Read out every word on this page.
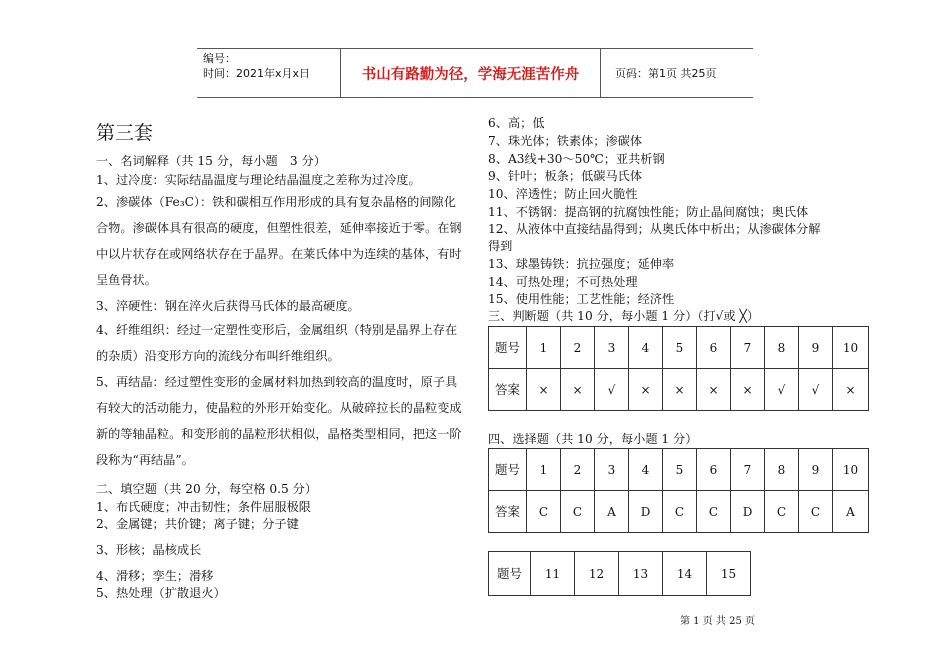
编号：
时间：2021年x月x日	书山有路勤为径，学海无涯苦作舟	页码：第1页 共25页
第三套
一、名词解释（共 15 分，每小题　3 分）
1、过冷度：实际结晶温度与理论结晶温度之差称为过冷度。
2、渗碳体（Fe₃C）：铁和碳相互作用形成的具有复杂晶格的间隙化合物。渗碳体具有很高的硬度，但塑性很差，延伸率接近于零。在钢中以片状存在或网络状存在于晶界。在莱氏体中为连续的基体，有时呈鱼骨状。
3、淬硬性：钢在淬火后获得马氏体的最高硬度。
4、纤维组织：经过一定塑性变形后，金属组织（特别是晶界上存在的杂质）沿变形方向的流线分布叫纤维组织。
5、再结晶：经过塑性变形的金属材料加热到较高的温度时，原子具有较大的活动能力，使晶粒的外形开始变化。从破碎拉长的晶粒变成新的等轴晶粒。和变形前的晶粒形状相似，晶格类型相同，把这一阶段称为“再结晶”。
二、填空题（共 20 分，每空格 0.5 分）
1、布氏硬度；冲击韧性；条件屈服极限
2、金属键；共价键；离子键；分子键
3、形核；晶核成长
4、滑移；孪生；滑移
5、热处理（扩散退火）
6、高；低
7、珠光体；铁素体；渗碳体
8、A3线+30～50℃；亚共析钢
9、针叶；板条；低碳马氏体
10、淬透性；防止回火脆性
11、不锈钢：提高钢的抗腐蚀性能；防止晶间腐蚀；奥氏体
12、从液体中直接结晶得到；从奥氏体中析出；从渗碳体分解
得到
13、球墨铸铁：抗拉强度；延伸率
14、可热处理；不可热处理
15、使用性能；工艺性能；经济性
三、判断题（共 10 分，每小题 1 分）（打√或 ╳）
题号	1	2	3	4	5	6	7	8	9	10
答案	×	×	√	×	×	×	×	√	√	×
四、选择题（共 10 分，每小题 1 分）
题号	1	2	3	4	5	6	7	8	9	10
答案	C	C	A	D	C	C	D	C	C	A
题号	11	12	13	14	15
第 1 页 共 25 页
